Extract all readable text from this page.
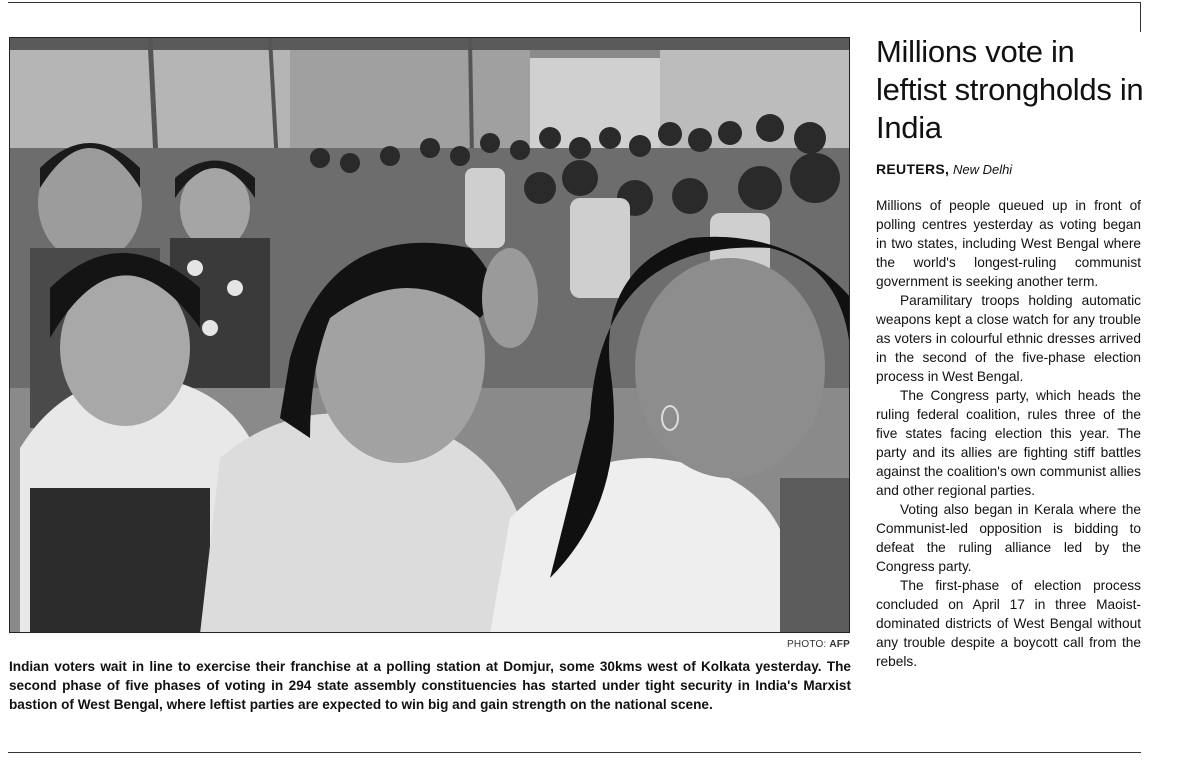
PHOTO: AFP
Indian voters wait in line to exercise their franchise at a polling station at Domjur, some 30kms west of Kolkata yesterday. The second phase of five phases of voting in 294 state assembly constituencies has started under tight security in India's Marxist bastion of West Bengal, where leftist parties are expected to win big and gain strength on the national scene.
Millions vote in leftist strongholds in India
REUTERS, New Delhi

Millions of people queued up in front of polling centres yesterday as voting began in two states, including West Bengal where the world's longest-ruling communist government is seeking another term.

Paramilitary troops holding automatic weapons kept a close watch for any trouble as voters in colourful ethnic dresses arrived in the second of the five-phase election process in West Bengal.

The Congress party, which heads the ruling federal coalition, rules three of the five states facing election this year. The party and its allies are fighting stiff battles against the coalition's own communist allies and other regional parties.

Voting also began in Kerala where the Communist-led opposition is bidding to defeat the ruling alliance led by the Congress party.

The first-phase of election process concluded on April 17 in three Maoist-dominated districts of West Bengal without any trouble despite a boycott call from the rebels.
